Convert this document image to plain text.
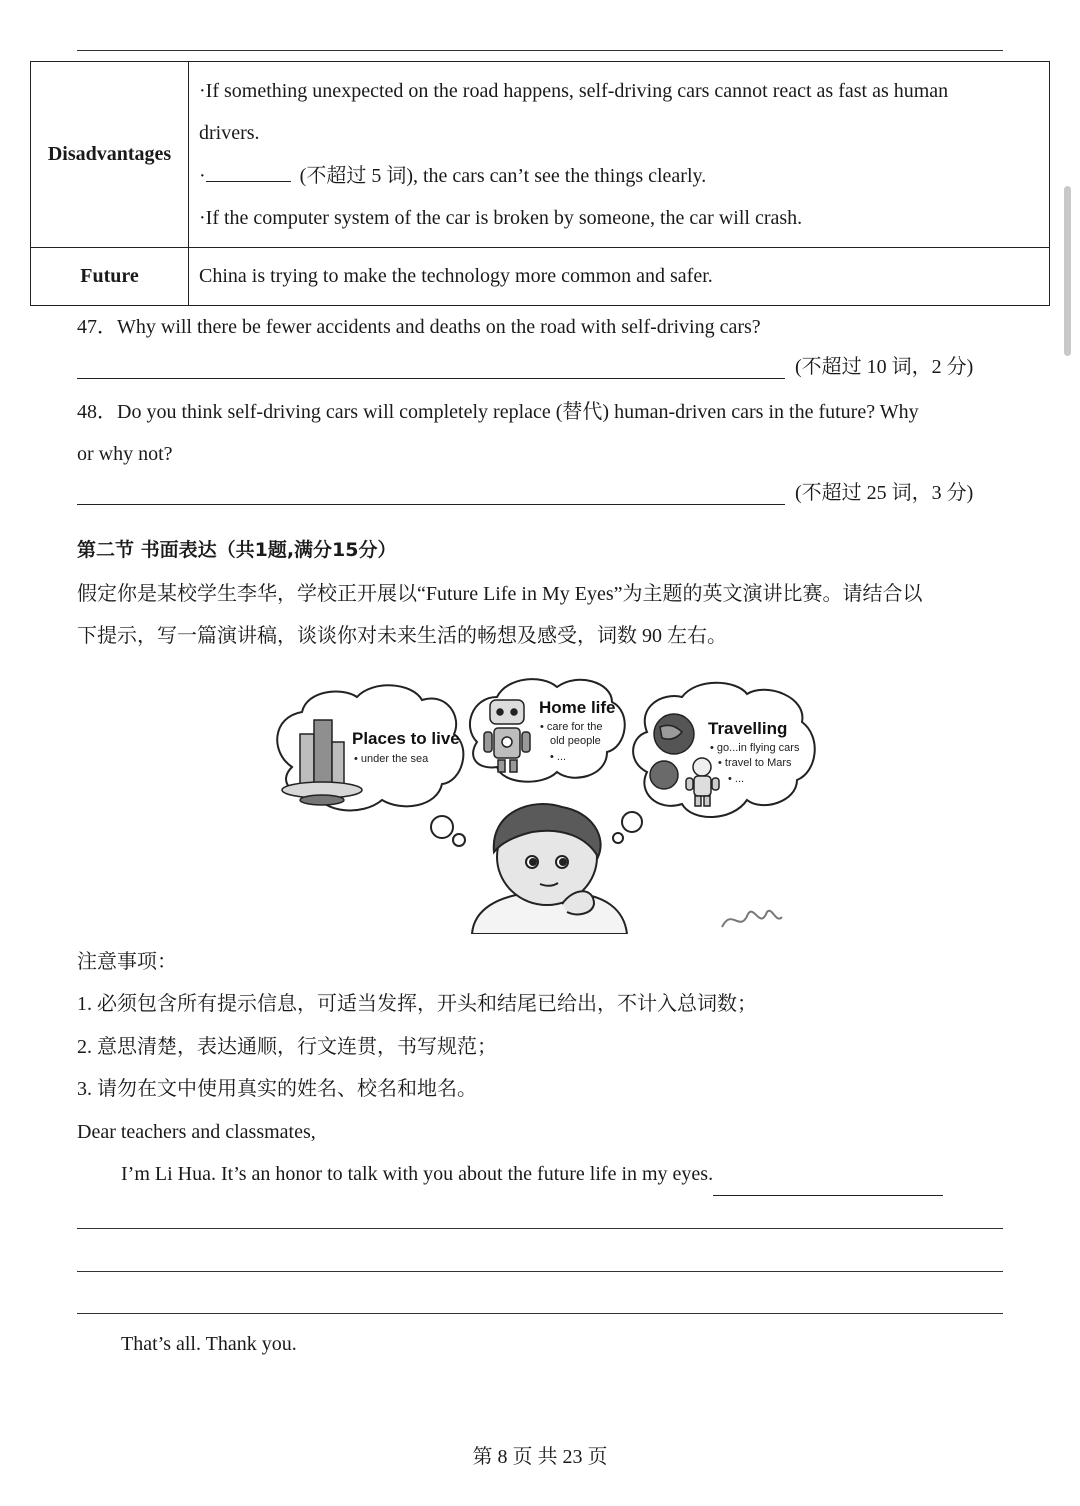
Disadvantages	·If something unexpected on the road happens, self-driving cars cannot react as fast as human
drivers.
· (不超过 5 词), the cars can’t see the things clearly.
·If the computer system of the car is broken by someone, the car will crash.

Future	China is trying to make the technology more common and safer.
47．Why will there be fewer accidents and deaths on the road with self-driving cars?
(不超过 10 词，2 分)
48．Do you think self-driving cars will completely replace (替代) human-driven cars in the future? Why
or why not?
(不超过 25 词，3 分)
第二节 书面表达（共1题,满分15分）
假定你是某校学生李华，学校正开展以“Future Life in My Eyes”为主题的英文演讲比赛。请结合以
下提示，写一篇演讲稿，谈谈你对未来生活的畅想及感受，词数 90 左右。
Places to live
• under the sea
Home life
• care for the
old people
• ...
Travelling
• go...in flying cars
• travel to Mars
• ...
注意事项：
1. 必须包含所有提示信息，可适当发挥，开头和结尾已给出，不计入总词数；
2. 意思清楚，表达通顺，行文连贯，书写规范；
3. 请勿在文中使用真实的姓名、校名和地名。
Dear teachers and classmates,
I’m Li Hua. It’s an honor to talk with you about the future life in my eyes.
That’s all. Thank you.
第 8 页 共 23 页
